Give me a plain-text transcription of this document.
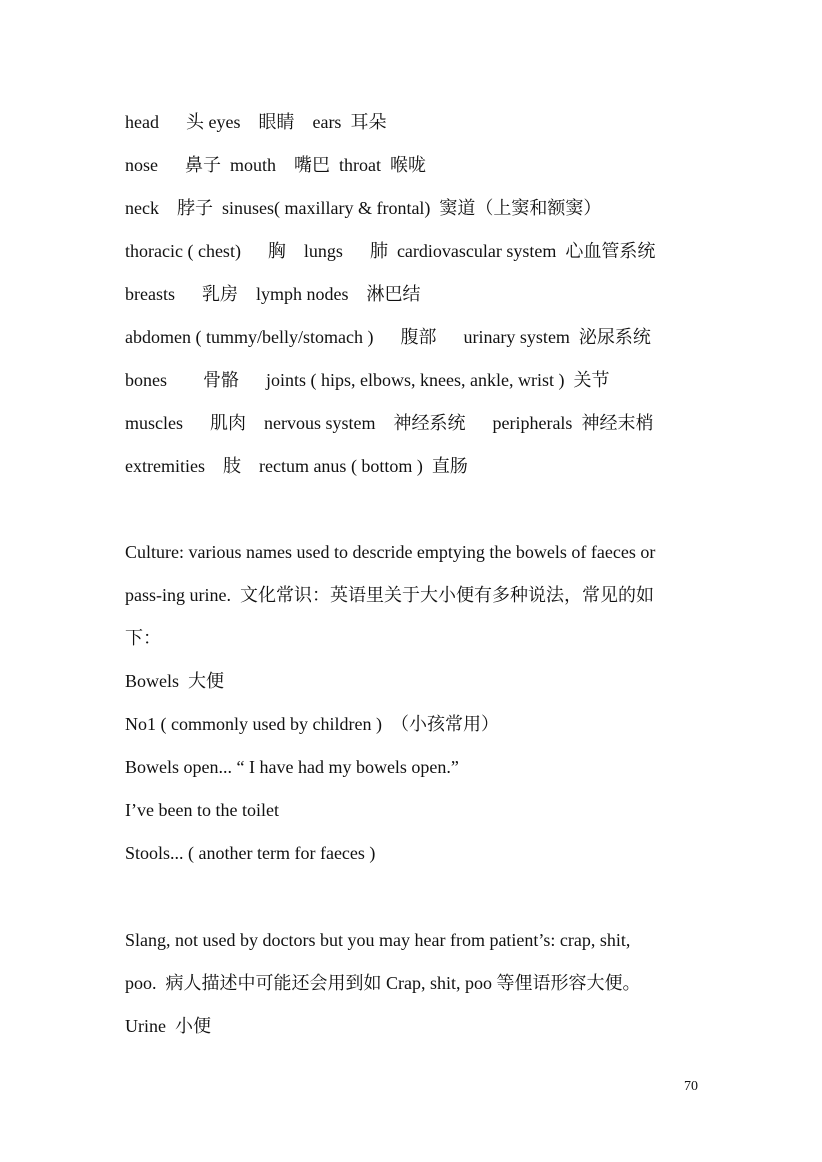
head      头 eyes    眼睛    ears  耳朵
nose      鼻子  mouth    嘴巴  throat  喉咙
neck    脖子  sinuses( maxillary & frontal)  窦道（上窦和额窦）
thoracic ( chest)      胸    lungs      肺  cardiovascular system  心血管系统
breasts      乳房    lymph nodes    淋巴结
abdomen ( tummy/belly/stomach )      腹部      urinary system  泌尿系统
bones        骨骼      joints ( hips, elbows, knees, ankle, wrist )  关节
muscles      肌肉    nervous system    神经系统      peripherals  神经末梢
extremities    肢    rectum anus ( bottom )  直肠
Culture: various names used to descride emptying the bowels of faeces or
pass-ing urine.  文化常识：英语里关于大小便有多种说法，常见的如
下：
Bowels  大便
No1 ( commonly used by children )  （小孩常用）
Bowels open... “ I have had my bowels open.”
I’ve been to the toilet
Stools... ( another term for faeces )
Slang, not used by doctors but you may hear from patient’s: crap, shit,
poo.  病人描述中可能还会用到如 Crap, shit, poo 等俚语形容大便。
Urine  小便
70
